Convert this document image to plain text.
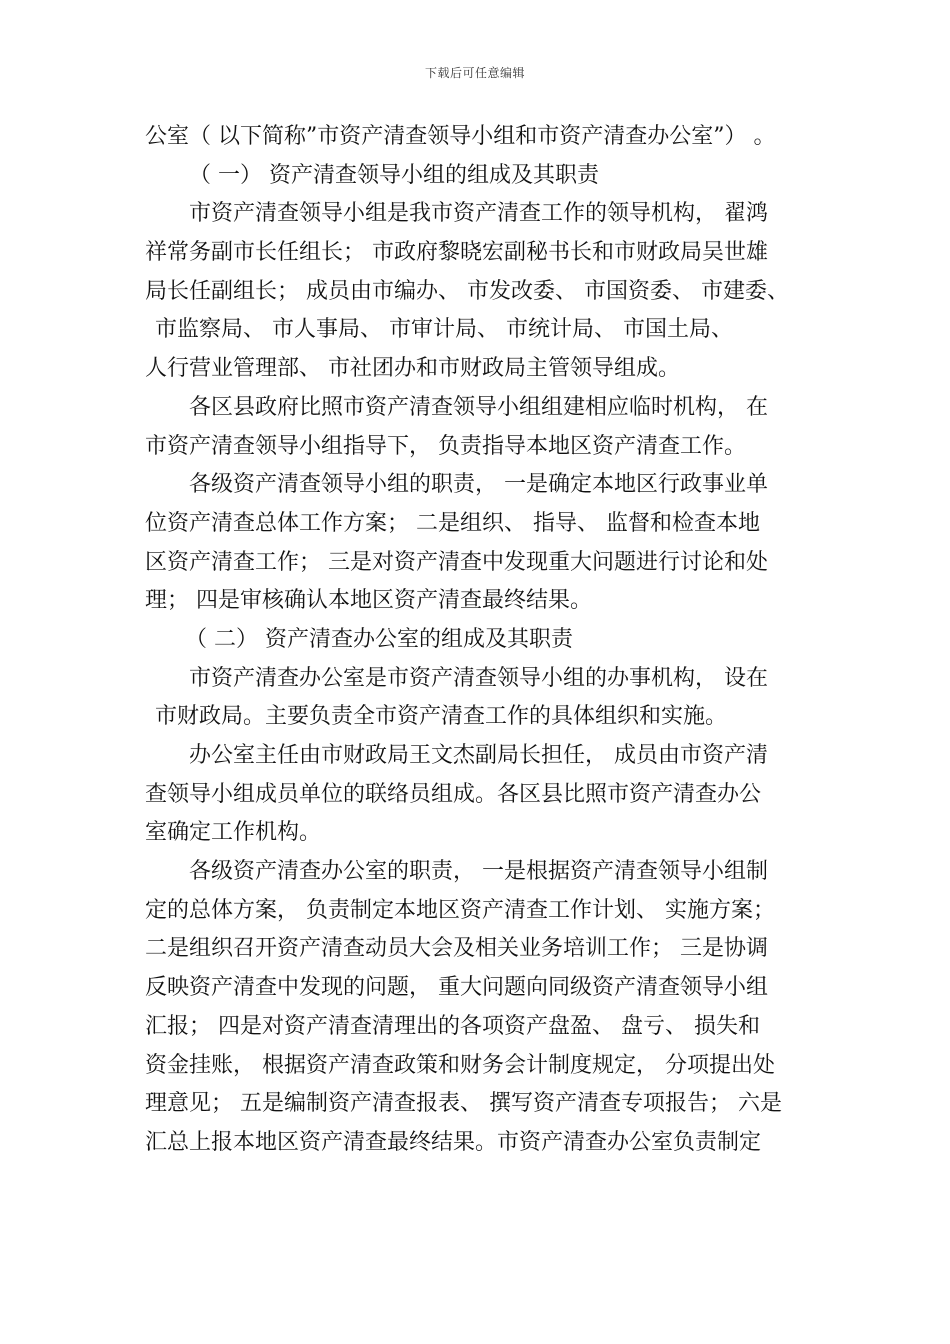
下载后可任意编辑
公室（ 以下简称”市资产清查领导小组和市资产清查办公室”） 。
（ 一） 资产清查领导小组的组成及其职责
市资产清查领导小组是我市资产清查工作的领导机构， 翟鸿
祥常务副市长任组长； 市政府黎晓宏副秘书长和市财政局吴世雄
局长任副组长； 成员由市编办、 市发改委、 市国资委、 市建委、
市监察局、 市人事局、 市审计局、 市统计局、 市国土局、
人行营业管理部、 市社团办和市财政局主管领导组成。
各区县政府比照市资产清查领导小组组建相应临时机构， 在
市资产清查领导小组指导下， 负责指导本地区资产清查工作。
各级资产清查领导小组的职责， 一是确定本地区行政事业单
位资产清查总体工作方案； 二是组织、 指导、 监督和检查本地
区资产清查工作； 三是对资产清查中发现重大问题进行讨论和处
理； 四是审核确认本地区资产清查最终结果。
（ 二） 资产清查办公室的组成及其职责
市资产清查办公室是市资产清查领导小组的办事机构， 设在
市财政局。主要负责全市资产清查工作的具体组织和实施。
办公室主任由市财政局王文杰副局长担任， 成员由市资产清
查领导小组成员单位的联络员组成。各区县比照市资产清查办公
室确定工作机构。
各级资产清查办公室的职责， 一是根据资产清查领导小组制
定的总体方案， 负责制定本地区资产清查工作计划、 实施方案；
二是组织召开资产清查动员大会及相关业务培训工作； 三是协调
反映资产清查中发现的问题， 重大问题向同级资产清查领导小组
汇报； 四是对资产清查清理出的各项资产盘盈、 盘亏、 损失和
资金挂账， 根据资产清查政策和财务会计制度规定， 分项提出处
理意见； 五是编制资产清查报表、 撰写资产清查专项报告； 六是
汇总上报本地区资产清查最终结果。市资产清查办公室负责制定
